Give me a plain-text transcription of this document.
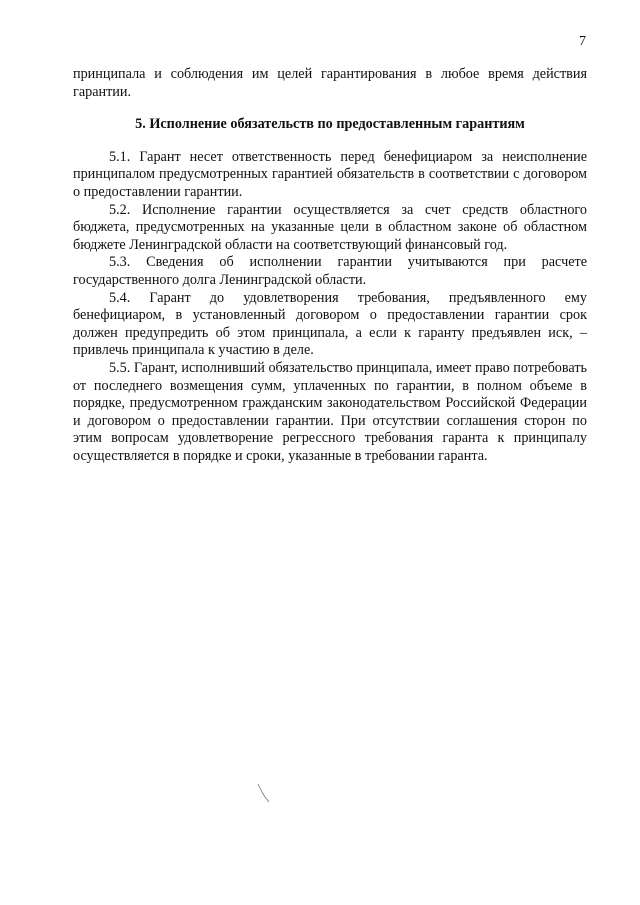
7

принципала и соблюдения им целей гарантирования в любое время действия гарантии.

5. Исполнение обязательств по предоставленным гарантиям

5.1. Гарант несет ответственность перед бенефициаром за неисполнение принципалом предусмотренных гарантией обязательств в соответствии с договором о предоставлении гарантии.

5.2. Исполнение гарантии осуществляется за счет средств областного бюджета, предусмотренных на указанные цели в областном законе об областном бюджете Ленинградской области на соответствующий финансовый год.

5.3. Сведения об исполнении гарантии учитываются при расчете государственного долга Ленинградской области.

5.4. Гарант до удовлетворения требования, предъявленного ему бенефициаром, в установленный договором о предоставлении гарантии срок должен предупредить об этом принципала, а если к гаранту предъявлен иск, – привлечь принципала к участию в деле.

5.5. Гарант, исполнивший обязательство принципала, имеет право потребовать от последнего возмещения сумм, уплаченных по гарантии, в полном объеме в порядке, предусмотренном гражданским законодательством Российской Федерации и договором о предоставлении гарантии. При отсутствии соглашения сторон по этим вопросам удовлетворение регрессного требования гаранта к принципалу осуществляется в порядке и сроки, указанные в требовании гаранта.
